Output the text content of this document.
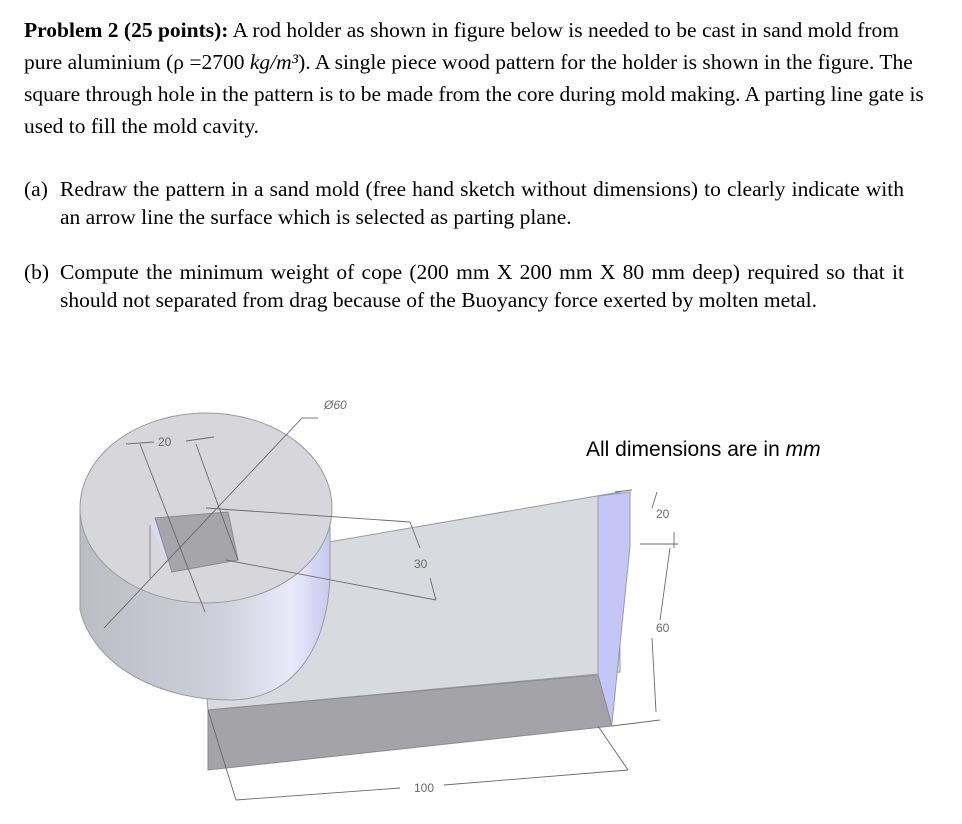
Problem 2 (25 points): A rod holder as shown in figure below is needed to be cast in sand mold from pure aluminium (ρ =2700 kg/m³). A single piece wood pattern for the holder is shown in the figure. The square through hole in the pattern is to be made from the core during mold making. A parting line gate is used to fill the mold cavity.
(a) Redraw the pattern in a sand mold (free hand sketch without dimensions) to clearly indicate with an arrow line the surface which is selected as parting plane.
(b) Compute the minimum weight of cope (200 mm X 200 mm X 80 mm deep) required so that it should not separated from drag because of the Buoyancy force exerted by molten metal.
All dimensions are in mm
Ø60
20
30
20
60
100
